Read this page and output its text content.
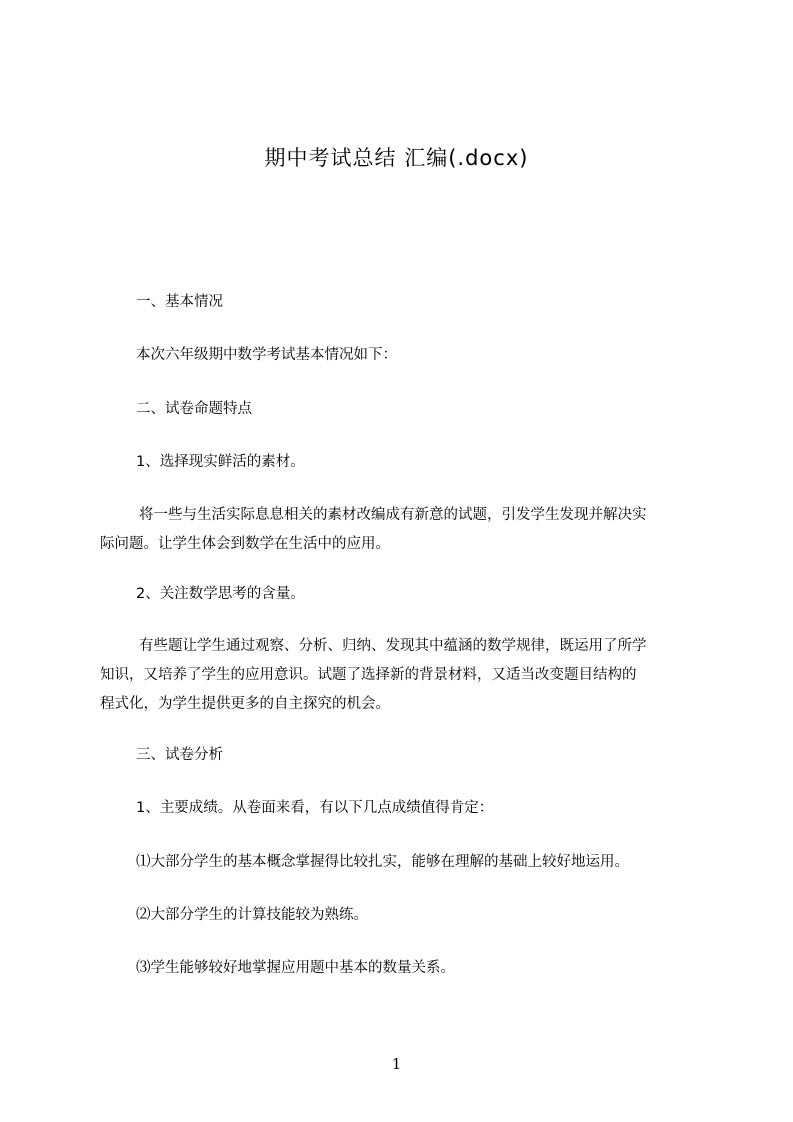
期中考试总结 汇编(.docx)
一、基本情况
本次六年级期中数学考试基本情况如下：
二、试卷命题特点
1、选择现实鲜活的素材。
将一些与生活实际息息相关的素材改编成有新意的试题，引发学生发现并解决实
际问题。让学生体会到数学在生活中的应用。
2、关注数学思考的含量。
有些题让学生通过观察、分析、归纳、发现其中蕴涵的数学规律，既运用了所学
知识，又培养了学生的应用意识。试题了选择新的背景材料，又适当改变题目结构的
程式化，为学生提供更多的自主探究的机会。
三、试卷分析
1、主要成绩。从卷面来看，有以下几点成绩值得肯定：
⑴大部分学生的基本概念掌握得比较扎实，能够在理解的基础上较好地运用。
⑵大部分学生的计算技能较为熟练。
⑶学生能够较好地掌握应用题中基本的数量关系。
1
